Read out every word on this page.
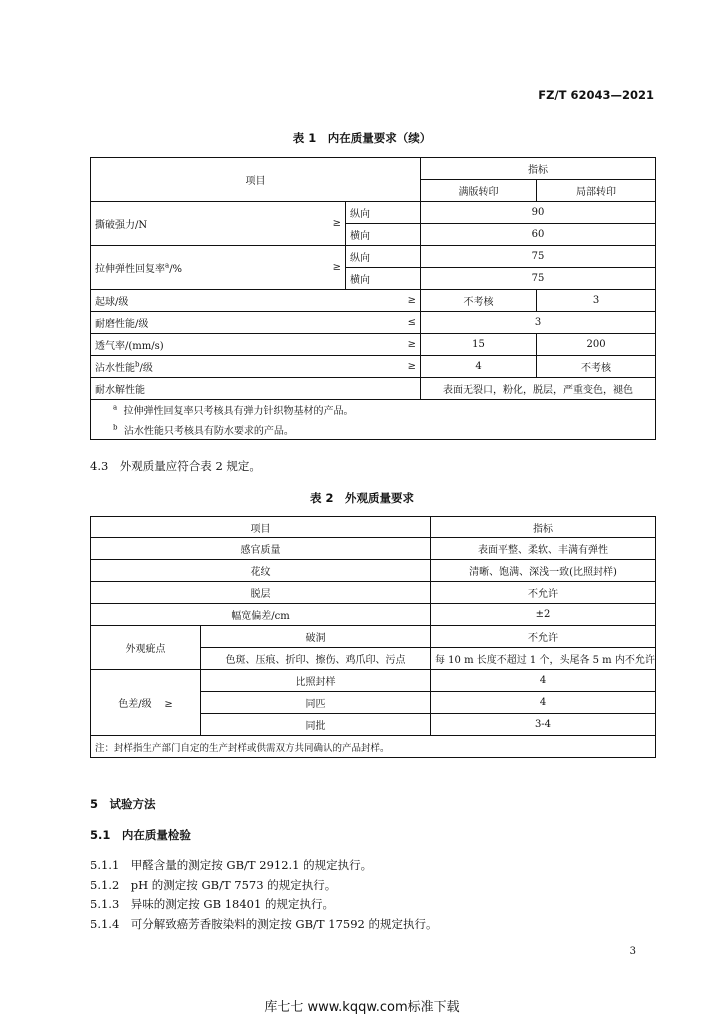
FZ/T 62043—2021
表 1　内在质量要求（续）
项目			指标	
			满版转印	局部转印
撕破强力/N	≥	纵向	90	
		横向	60	
拉伸弹性回复率$^a$/%	≥	纵向	75	
		横向	75	
起球/级		≥	不考核	3
耐磨性能/级		≤	3	
透气率/(mm/s)		≥	15	200
沾水性能$^b$/级		≥	4	不考核
耐水解性能			表面无裂口，粉化，脱层，严重变色，褪色	
$^a$ 拉伸弹性回复率只考核具有弹力针织物基材的产品。				
$^b$ 沾水性能只考核具有防水要求的产品。				
4.3　外观质量应符合表 2 规定。
表 2　外观质量要求
项目		指标
感官质量		表面平整、柔软、丰满有弹性
花纹		清晰、饱满、深浅一致(比照封样)
脱层		不允许
幅宽偏差/cm		±2
外观疵点	破洞	不允许
	色斑、压痕、折印、擦伤、鸡爪印、污点	每 10 m 长度不超过 1 个，头尾各 5 m 内不允许
色差/级 ≥	比照封样	4
	同匹	4
	同批	3-4
注：封样指生产部门自定的生产封样或供需双方共同确认的产品封样。		
5　试验方法
5.1　内在质量检验
5.1.1　甲醛含量的测定按 GB/T 2912.1 的规定执行。
5.1.2　pH 的测定按 GB/T 7573 的规定执行。
5.1.3　异味的测定按 GB 18401 的规定执行。
5.1.4　可分解致癌芳香胺染料的测定按 GB/T 17592 的规定执行。
3
库七七 www.kqqw.com标准下载
